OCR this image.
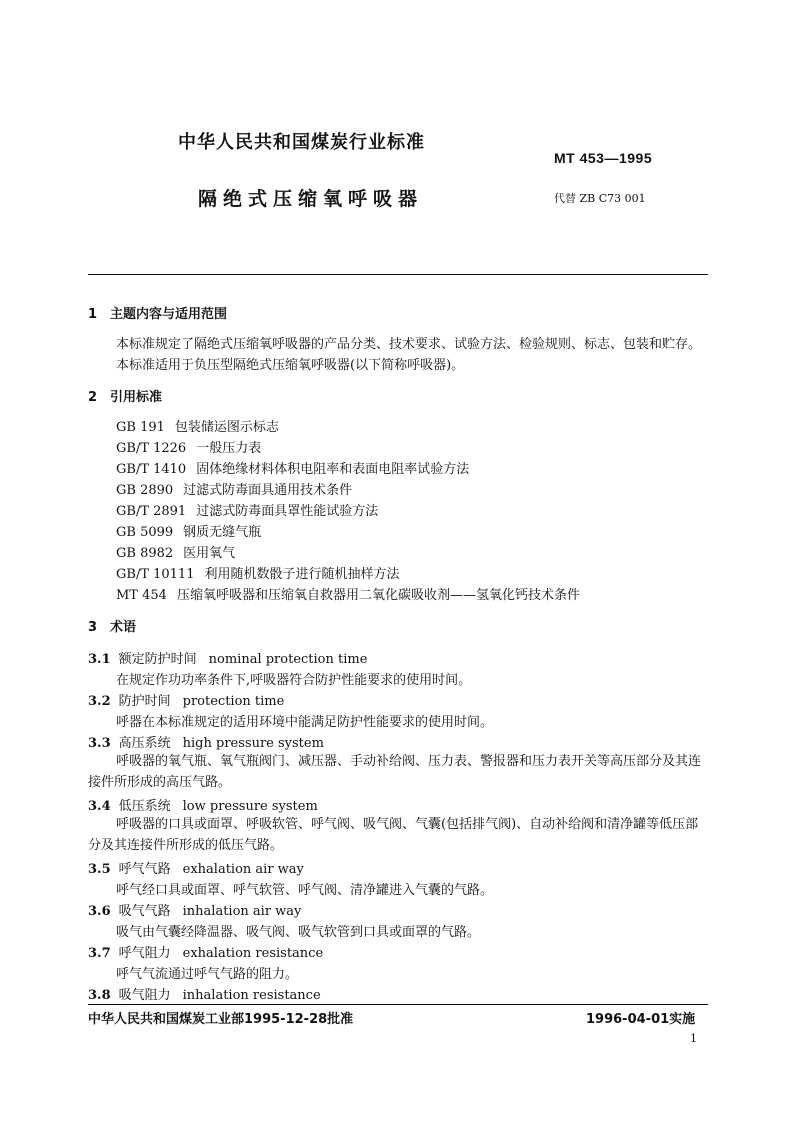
中华人民共和国煤炭行业标准
MT 453—1995
隔绝式压缩氧呼吸器	代替 ZB C73 001
1　主题内容与适用范围
本标准规定了隔绝式压缩氧呼吸器的产品分类、技术要求、试验方法、检验规则、标志、包装和贮存。
本标准适用于负压型隔绝式压缩氧呼吸器(以下简称呼吸器)。
2　引用标准
GB 191 包装储运图示标志
GB/T 1226 一般压力表
GB/T 1410 固体绝缘材料体积电阻率和表面电阻率试验方法
GB 2890 过滤式防毒面具通用技术条件
GB/T 2891 过滤式防毒面具罩性能试验方法
GB 5099 钢质无缝气瓶
GB 8982 医用氧气
GB/T 10111 利用随机数骰子进行随机抽样方法
MT 454 压缩氧呼吸器和压缩氧自救器用二氧化碳吸收剂——氢氧化钙技术条件
3　术语
3.1 额定防护时间 nominal protection time
在规定作功功率条件下,呼吸器符合防护性能要求的使用时间。
3.2 防护时间 protection time
呼器在本标准规定的适用环境中能满足防护性能要求的使用时间。
3.3 高压系统 high pressure system
呼吸器的氧气瓶、氧气瓶阀门、减压器、手动补给阀、压力表、警报器和压力表开关等高压部分及其连接件所形成的高压气路。
3.4 低压系统 low pressure system
呼吸器的口具或面罩、呼吸软管、呼气阀、吸气阀、气囊(包括排气阀)、自动补给阀和清净罐等低压部分及其连接件所形成的低压气路。
3.5 呼气气路 exhalation air way
呼气经口具或面罩、呼气软管、呼气阀、清净罐进入气囊的气路。
3.6 吸气气路 inhalation air way
吸气由气囊经降温器、吸气阀、吸气软管到口具或面罩的气路。
3.7 呼气阻力 exhalation resistance
呼气气流通过呼气气路的阻力。
3.8 吸气阻力 inhalation resistance
中华人民共和国煤炭工业部1995-12-28批准	1996-04-01实施
1
